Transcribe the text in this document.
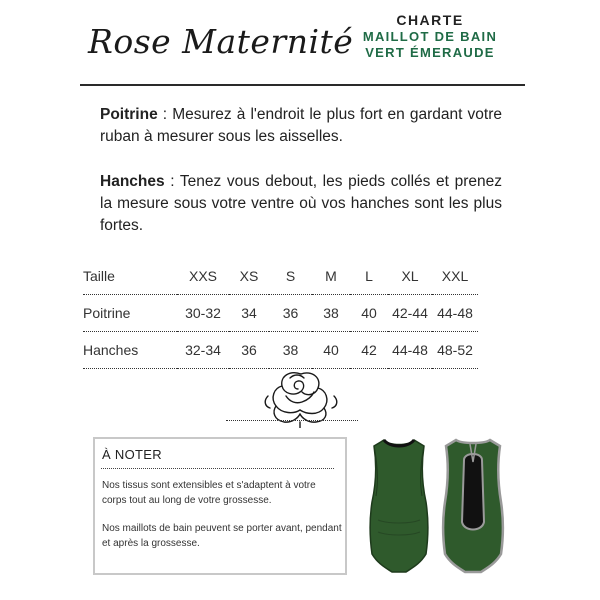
Rose Maternité
CHARTE
MAILLOT DE BAIN
VERT ÉMERAUDE
Poitrine : Mesurez à l'endroit le plus fort en gardant votre ruban à mesurer sous les aisselles.
Hanches : Tenez vous debout, les pieds collés et prenez la mesure sous votre ventre où vos hanches sont les plus fortes.
Taille	XXS	XS	S	M	L	XL	XXL
Poitrine	30-32	34	36	38	40	42-44	44-48
Hanches	32-34	36	38	40	42	44-48	48-52
À NOTER
Nos tissus sont extensibles et s'adaptent à votre corps tout au long de votre grossesse.
Nos maillots de bain peuvent se porter avant, pendant et après la grossesse.
